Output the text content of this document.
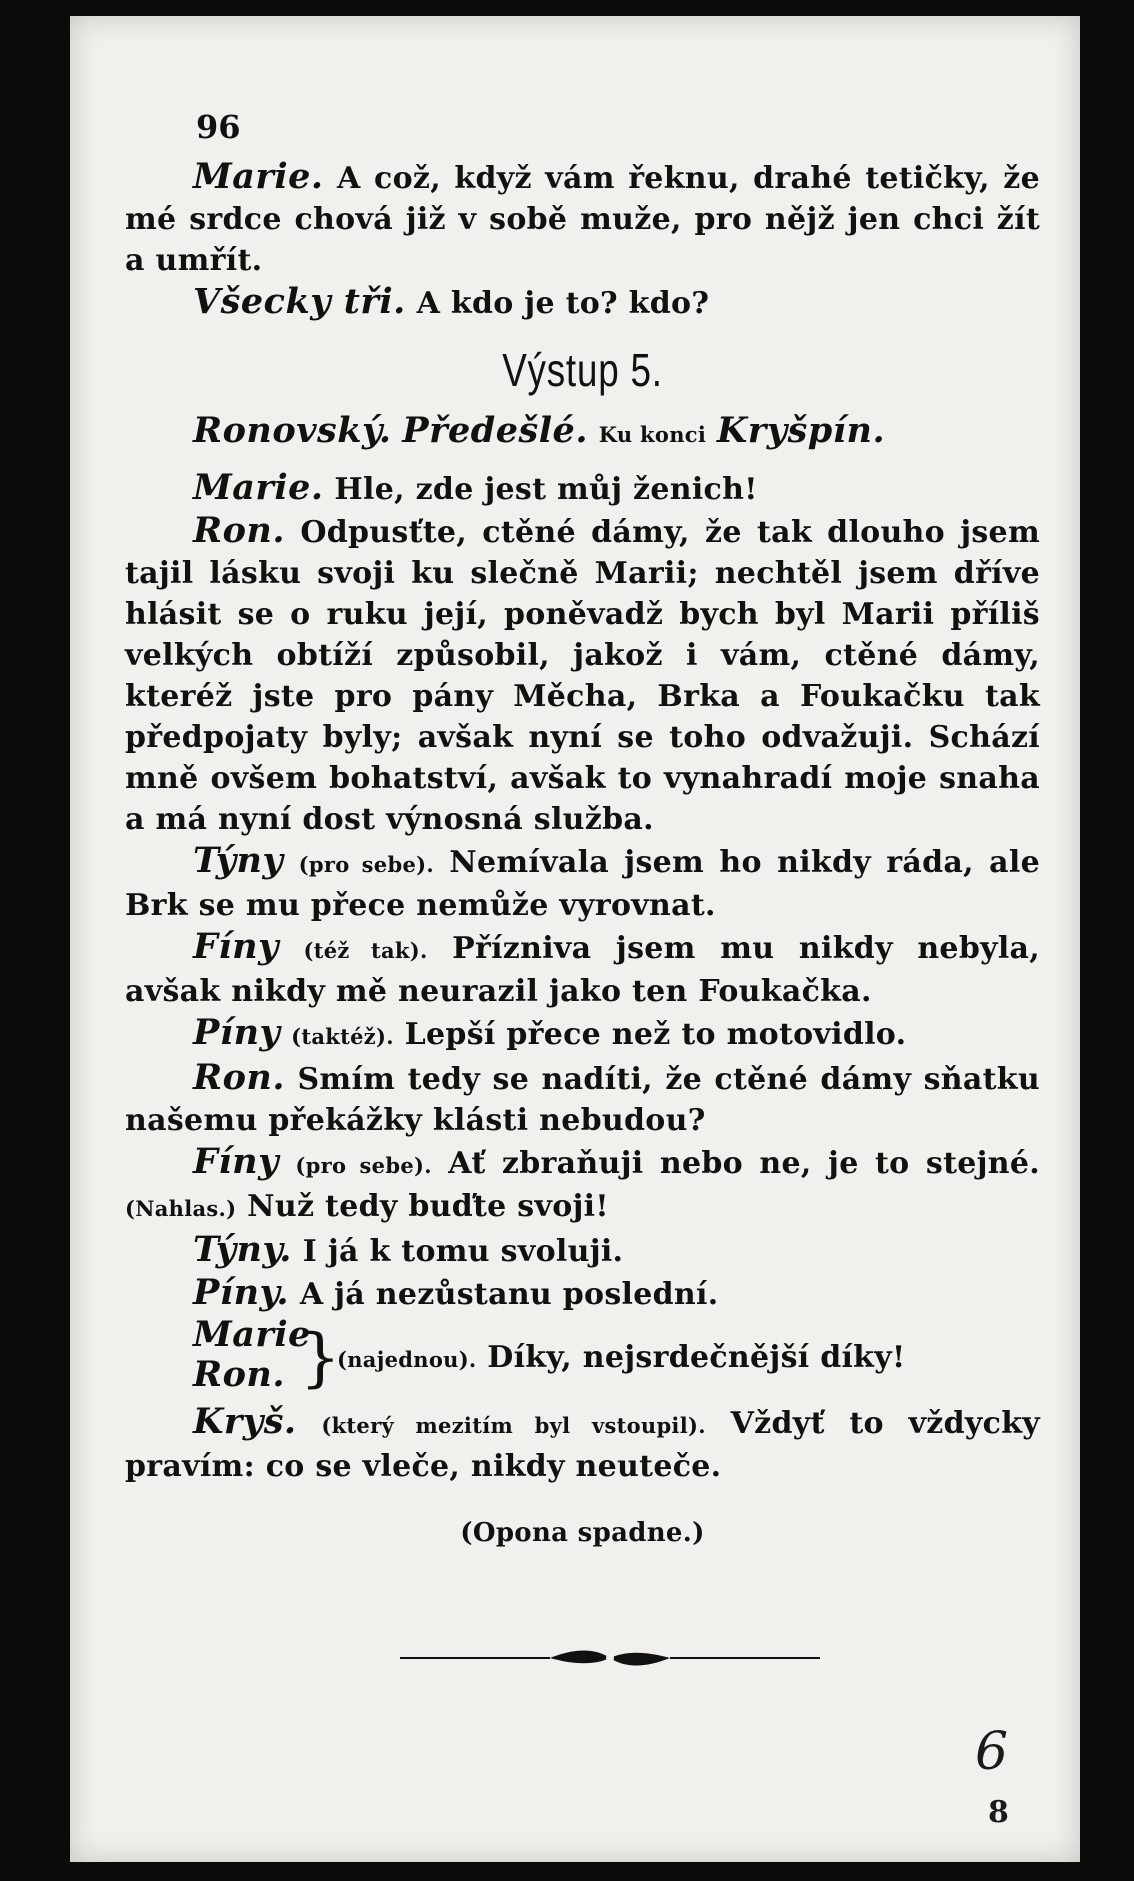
96
Marie. A což, když vám řeknu, drahé tetičky, že mé srdce chová již v sobě muže, pro nějž jen chci žít a umřít.
Všecky tři. A kdo je to? kdo?
Výstup 5.
Ronovský. Předešlé. Ku konci Kryšpín.
Marie. Hle, zde jest můj ženich!
Ron. Odpusťte, ctěné dámy, že tak dlouho jsem tajil lásku svoji ku slečně Marii; nechtěl jsem dříve hlásit se o ruku její, poněvadž bych byl Marii příliš velkých obtíží způsobil, jakož i vám, ctěné dámy, kteréž jste pro pány Měcha, Brka a Foukačku tak předpojaty byly; avšak nyní se toho odvažuji. Schází mně ovšem bohatství, avšak to vynahradí moje snaha a má nyní dost výnosná služba.
Týny (pro sebe). Nemívala jsem ho nikdy ráda, ale Brk se mu přece nemůže vyrovnat.
Fíny (též tak). Přízniva jsem mu nikdy nebyla, avšak nikdy mě neurazil jako ten Foukačka.
Píny (taktéž). Lepší přece než to motovidlo.
Ron. Smím tedy se nadíti, že ctěné dámy sňatku našemu překážky klásti nebudou?
Fíny (pro sebe). Ať zbraňuji nebo ne, je to stejné. (Nahlas.) Nuž tedy buďte svoji!
Týny. I já k tomu svoluji.
Píny. A já nezůstanu poslední.
Marie
Ron. }
(najednou). Díky, nejsrdečnější díky!
Kryš. (který mezitím byl vstoupil). Vždyť to vždycky pravím: co se vleče, nikdy neuteče.
(Opona spadne.)
6
8
